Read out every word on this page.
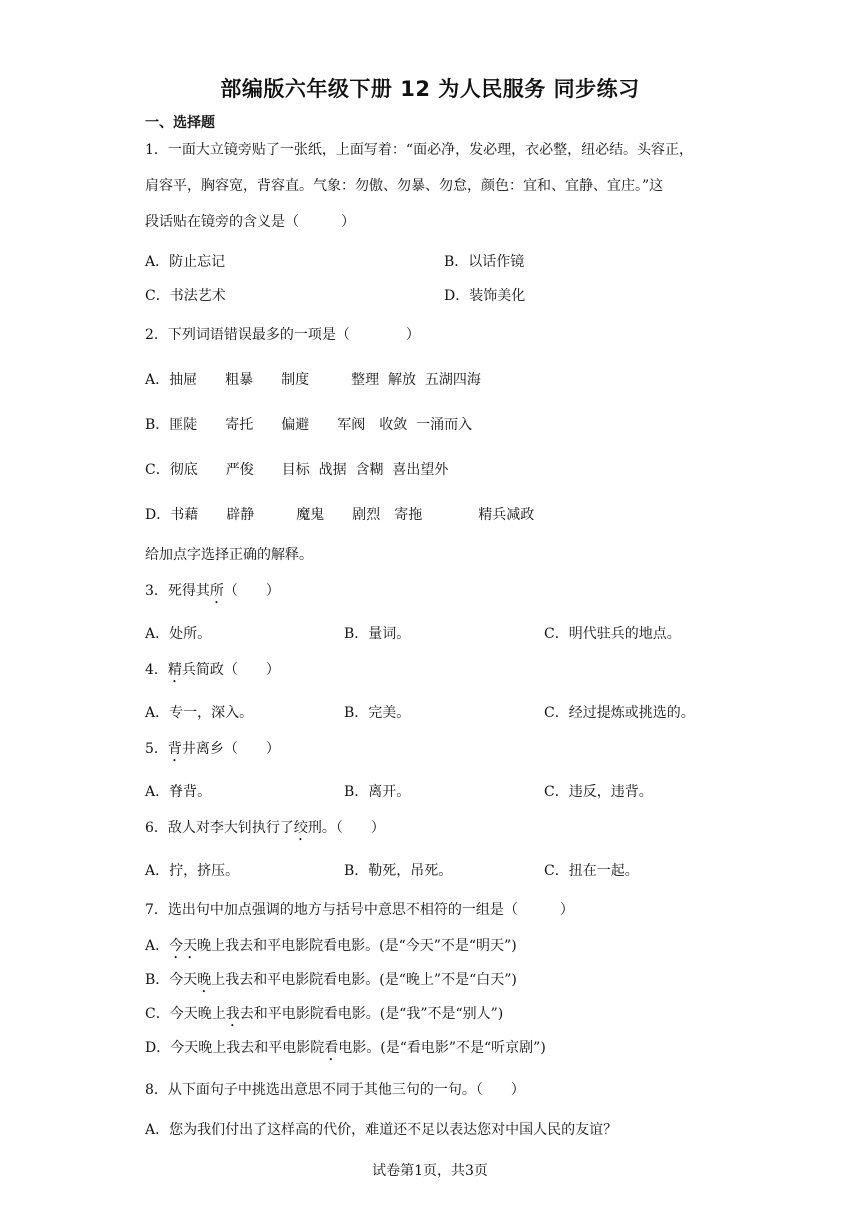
部编版六年级下册 12 为人民服务 同步练习
一、选择题
1．一面大立镜旁贴了一张纸，上面写着：“面必净，发必理，衣必整，纽必结。头容正，
肩容平，胸容宽，背容直。气象：勿傲、勿暴、勿怠，颜色：宜和、宜静、宜庄。”这
段话贴在镜旁的含义是（　　　）
A．防止忘记	B．以话作镜
C．书法艺术	D．装饰美化
2．下列词语错误最多的一项是（　　　　）
A．抽屉　　粗暴　　制度　　　整理  解放  五湖四海
B．匪陡　　寄托　　偏避　　军阀　收敛  一涌而入
C．彻底　　严俊　　目标  战据  含糊  喜出望外
D．书藉　　辟静　　　魔鬼　　剧烈　寄拖　　　　精兵减政
给加点字选择正确的解释。
3．死得其所（　　）
A．处所。	B．量词。	C．明代驻兵的地点。
4．精兵简政（　　）
A．专一，深入。	B．完美。	C．经过提炼或挑选的。
5．背井离乡（　　）
A．脊背。	B．离开。	C．违反，违背。
6．敌人对李大钊执行了绞刑。（　　）
A．拧，挤压。	B．勒死，吊死。	C．扭在一起。
7．选出句中加点强调的地方与括号中意思不相符的一组是（　　　）
A．今天晚上我去和平电影院看电影。(是“今天”不是“明天”)
B．今天晚上我去和平电影院看电影。(是“晚上”不是“白天”)
C．今天晚上我去和平电影院看电影。(是“我”不是“别人”)
D．今天晚上我去和平电影院看电影。(是“看电影”不是“听京剧”)
8．从下面句子中挑选出意思不同于其他三句的一句。（　　）
A．您为我们付出了这样高的代价，难道还不足以表达您对中国人民的友谊？
试卷第1页，共3页
